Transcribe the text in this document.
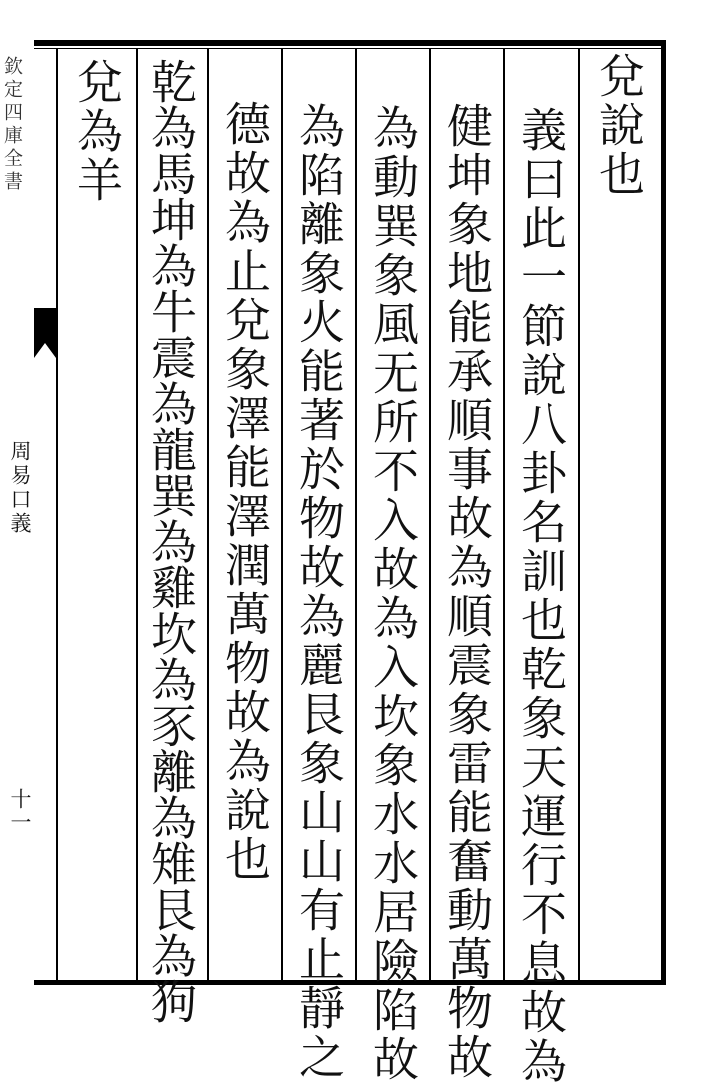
欽定四庫全書
周易口義
十一
兌說也
義曰此一節說八卦名訓也乾象天運行不息故為
健坤象地能承順事故為順震象雷能奮動萬物故
為動巽象風无所不入故為入坎象水水居險陷故
為陷離象火能著於物故為麗艮象山山有止靜之
德故為止兌象澤能澤潤萬物故為說也
乾為馬坤為牛震為龍巽為雞坎為豕離為雉艮為狗
兌為羊
